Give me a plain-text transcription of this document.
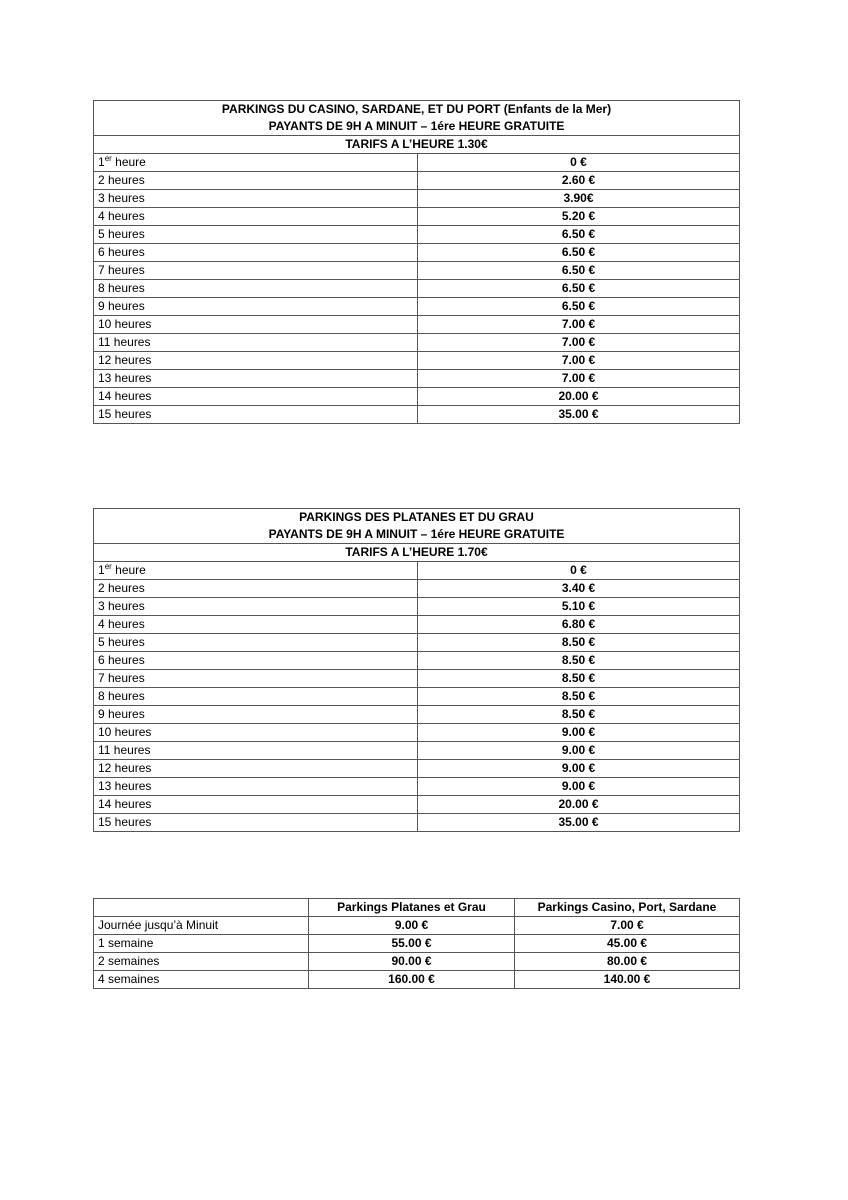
PARKINGS DU CASINO, SARDANE, ET DU PORT (Enfants de la Mer)
PAYANTS DE 9H A MINUIT – 1ére HEURE GRATUITE	

TARIFS A L’HEURE 1.30€	
1er heure	0 €
2 heures	2.60 €
3 heures	3.90€
4 heures	5.20 €
5 heures	6.50 €
6 heures	6.50 €
7 heures	6.50 €
8 heures	6.50 €
9 heures	6.50 €
10 heures	7.00 €
11 heures	7.00 €
12 heures	7.00 €
13 heures	7.00 €
14 heures	20.00 €
15 heures	35.00 €
PARKINGS DES PLATANES ET DU GRAU
PAYANTS DE 9H A MINUIT – 1ére HEURE GRATUITE	

TARIFS A L’HEURE 1.70€	
1er heure	0 €
2 heures	3.40 €
3 heures	5.10 €
4 heures	6.80 €
5 heures	8.50 €
6 heures	8.50 €
7 heures	8.50 €
8 heures	8.50 €
9 heures	8.50 €
10 heures	9.00 €
11 heures	9.00 €
12 heures	9.00 €
13 heures	9.00 €
14 heures	20.00 €
15 heures	35.00 €
	Parkings Platanes et Grau	Parkings Casino, Port, Sardane
Journée jusqu’à Minuit	9.00 €	7.00 €
1 semaine	55.00 €	45.00 €
2 semaines	90.00 €	80.00 €
4 semaines	160.00 €	140.00 €
